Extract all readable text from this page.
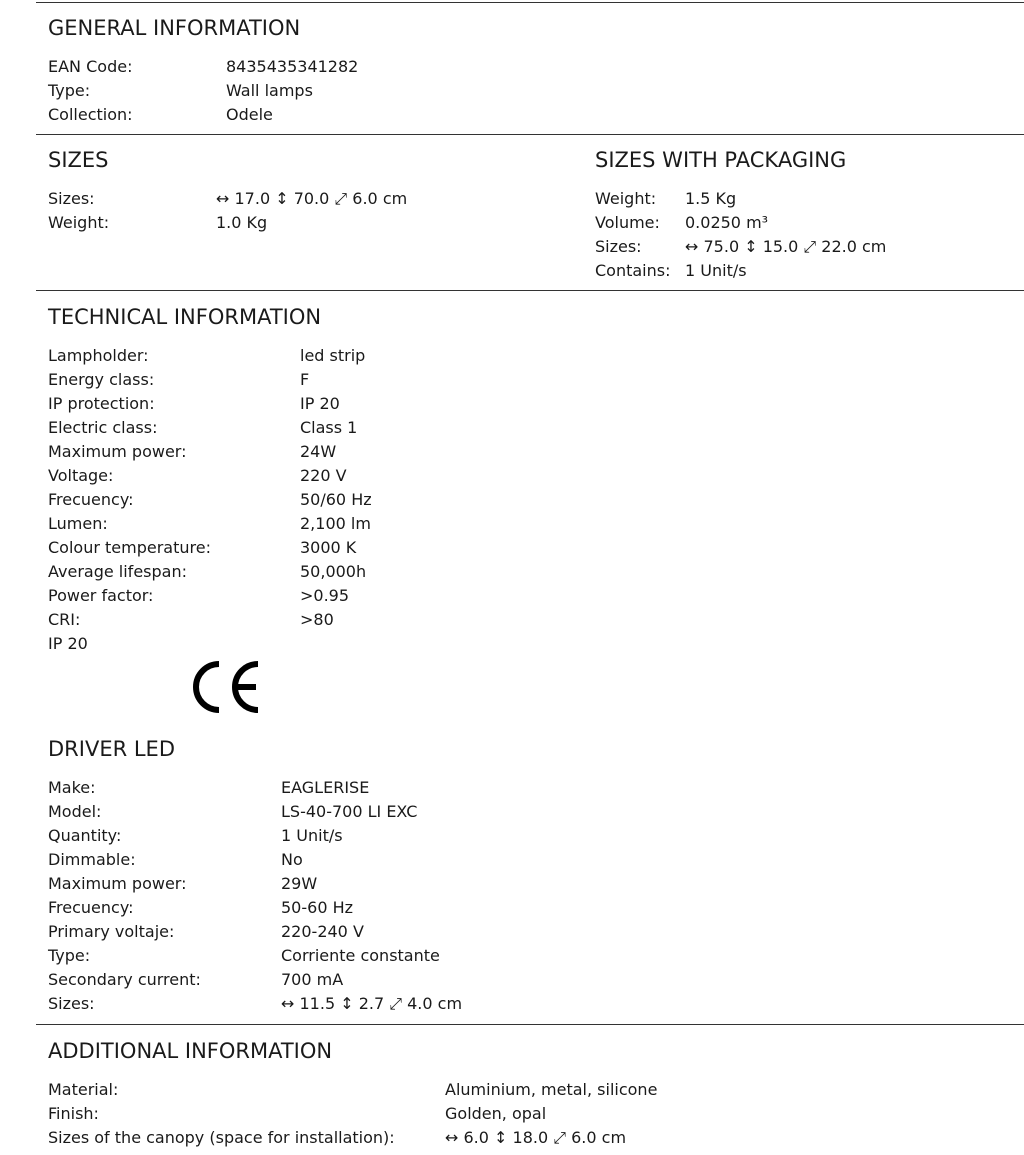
GENERAL INFORMATION
EAN Code:	8435435341282
Type:	Wall lamps
Collection:	Odele
SIZES
Sizes:	↔ 17.0 ↕ 70.0 ⤢ 6.0 cm
Weight:	1.0 Kg
SIZES WITH PACKAGING
Weight:	1.5 Kg
Volume:	0.0250 m³
Sizes:	↔ 75.0 ↕ 15.0 ⤢ 22.0 cm
Contains: 1 Unit/s
TECHNICAL INFORMATION
Lampholder:	led strip
Energy class:	F
IP protection:	IP 20
Electric class:	Class 1
Maximum power:	24W
Voltage:	220 V
Frecuency:	50/60 Hz
Lumen:	2,100 lm
Colour temperature:	3000 K
Average lifespan:	50,000h
Power factor:	>0.95
CRI:	>80
IP 20
DRIVER LED
Make:	EAGLERISE
Model:	LS-40-700 LI EXC
Quantity:	1 Unit/s
Dimmable:	No
Maximum power:	29W
Frecuency:	50-60 Hz
Primary voltaje:	220-240 V
Type:	Corriente constante
Secondary current:	700 mA
Sizes:	↔ 11.5 ↕ 2.7 ⤢ 4.0 cm
ADDITIONAL INFORMATION
Material:	Aluminium, metal, silicone
Finish:	Golden, opal
Sizes of the canopy (space for installation):	↔ 6.0 ↕ 18.0 ⤢ 6.0 cm
